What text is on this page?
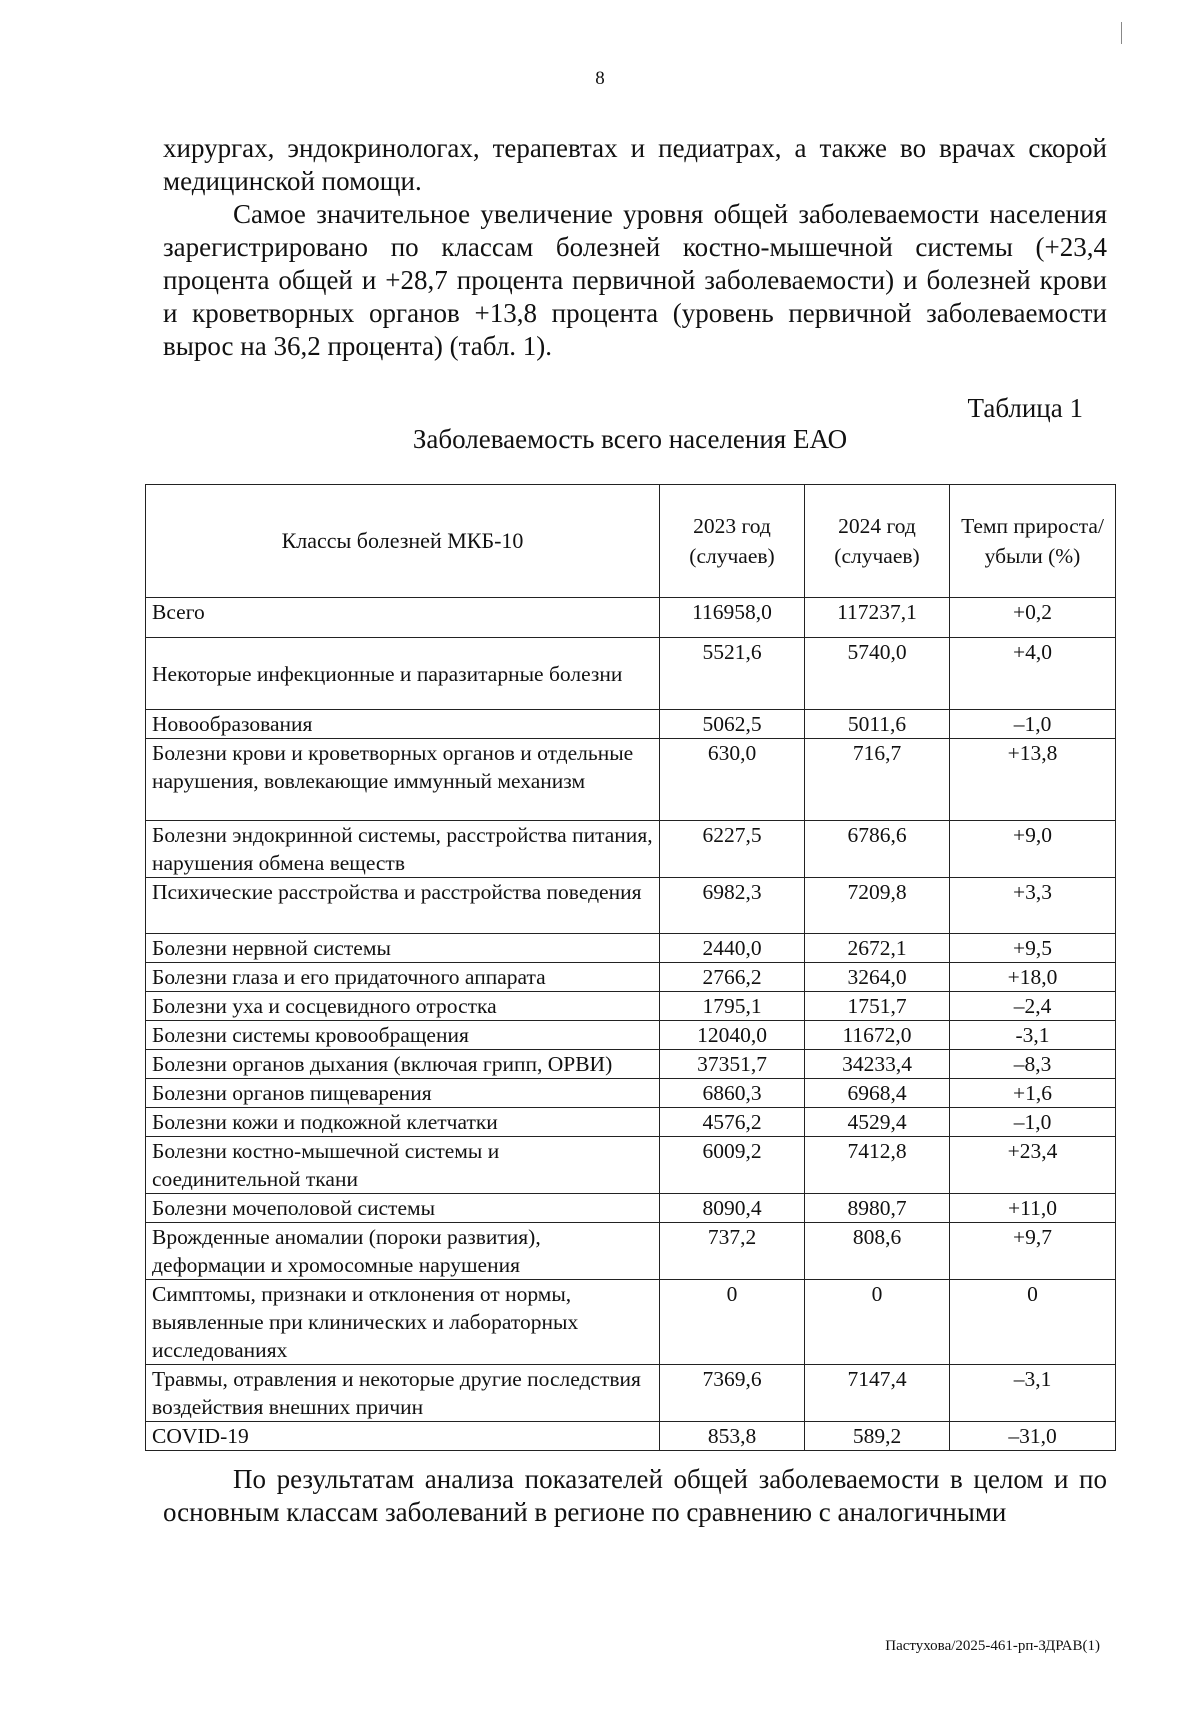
8

хирургах, эндокринологах, терапевтах и педиатрах, а также во врачах скорой медицинской помощи.

Самое значительное увеличение уровня общей заболеваемости населения зарегистрировано по классам болезней костно-мышечной системы (+23,4 процента общей и +28,7 процента первичной заболеваемости) и болезней крови и кроветворных органов +13,8 процента (уровень первичной заболеваемости вырос на 36,2 процента) (табл. 1).

Таблица 1
Заболеваемость всего населения ЕАО
Классы болезней МКБ-10	2023 год (случаев)	2024 год (случаев)	Темп прироста/ убыли (%)
Всего	116958,0	117237,1	+0,2
Некоторые инфекционные и паразитарные болезни	5521,6	5740,0	+4,0
Новообразования	5062,5	5011,6	–1,0
Болезни крови и кроветворных органов и отдельные нарушения, вовлекающие иммунный механизм	630,0	716,7	+13,8
Болезни эндокринной системы, расстройства питания, нарушения обмена веществ	6227,5	6786,6	+9,0
Психические расстройства и расстройства поведения	6982,3	7209,8	+3,3
Болезни нервной системы	2440,0	2672,1	+9,5
Болезни глаза и его придаточного аппарата	2766,2	3264,0	+18,0
Болезни уха и сосцевидного отростка	1795,1	1751,7	–2,4
Болезни системы кровообращения	12040,0	11672,0	-3,1
Болезни органов дыхания (включая грипп, ОРВИ)	37351,7	34233,4	–8,3
Болезни органов пищеварения	6860,3	6968,4	+1,6
Болезни кожи и подкожной клетчатки	4576,2	4529,4	–1,0
Болезни костно-мышечной системы и соединительной ткани	6009,2	7412,8	+23,4
Болезни мочеполовой системы	8090,4	8980,7	+11,0
Врожденные аномалии (пороки развития), деформации и хромосомные нарушения	737,2	808,6	+9,7
Симптомы, признаки и отклонения от нормы, выявленные при клинических и лабораторных исследованиях	0	0	0
Травмы, отравления и некоторые другие последствия воздействия внешних причин	7369,6	7147,4	–3,1
COVID-19	853,8	589,2	–31,0

По результатам анализа показателей общей заболеваемости в целом и по основным классам заболеваний в регионе по сравнению с аналогичными

Пастухова/2025-461-рп-ЗДРАВ(1)
